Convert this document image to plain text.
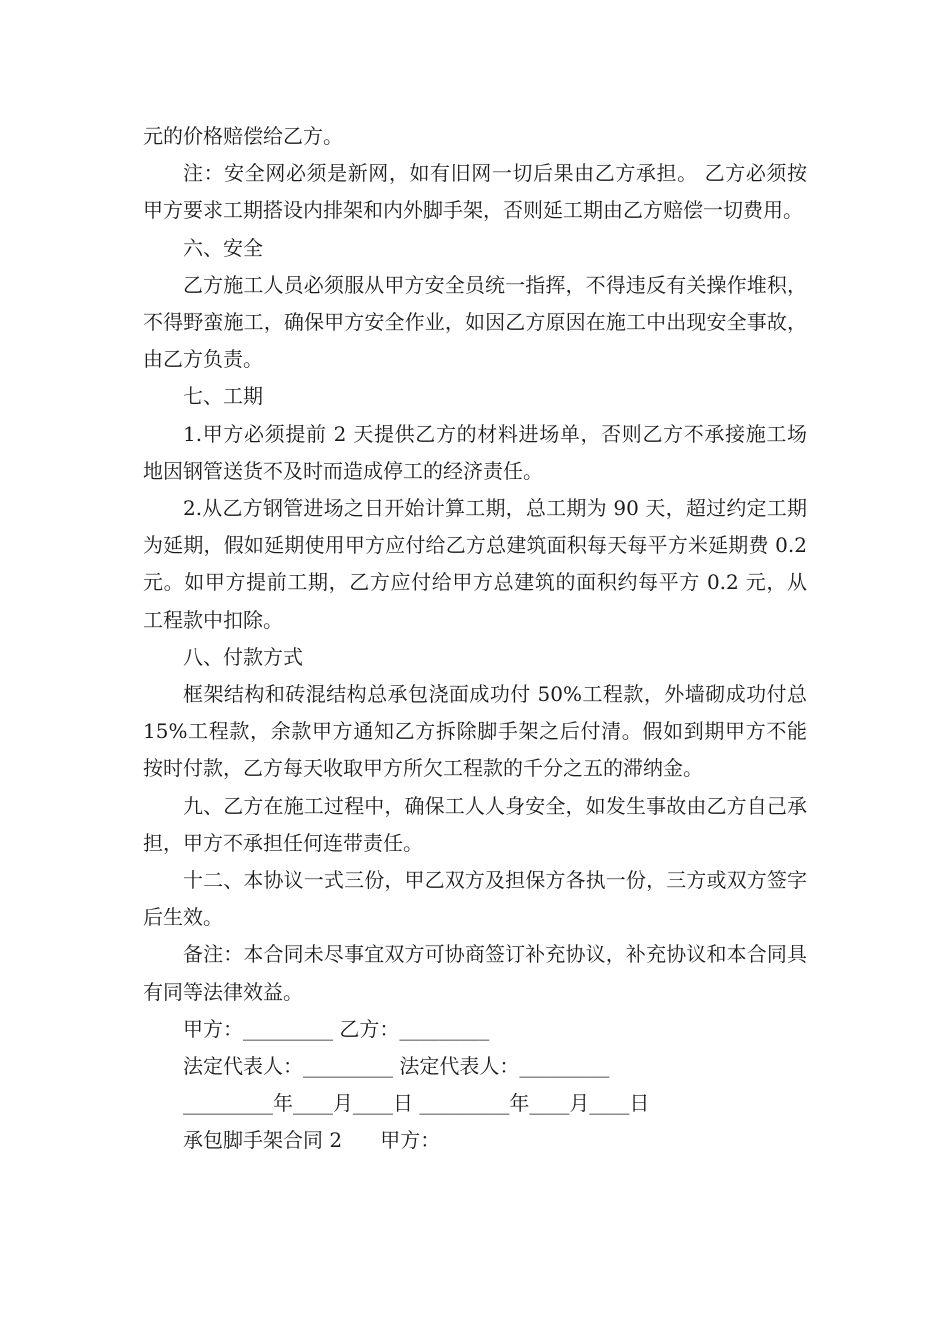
元的价格赔偿给乙方。

注：安全网必须是新网，如有旧网一切后果由乙方承担。 乙方必须按甲方要求工期搭设内排架和内外脚手架，否则延工期由乙方赔偿一切费用。

六、安全

乙方施工人员必须服从甲方安全员统一指挥，不得违反有关操作堆积，不得野蛮施工，确保甲方安全作业，如因乙方原因在施工中出现安全事故，由乙方负责。

七、工期

1.甲方必须提前 2 天提供乙方的材料进场单，否则乙方不承接施工场地因钢管送货不及时而造成停工的经济责任。

2.从乙方钢管进场之日开始计算工期，总工期为 90 天，超过约定工期为延期，假如延期使用甲方应付给乙方总建筑面积每天每平方米延期费 0.2 元。如甲方提前工期，乙方应付给甲方总建筑的面积约每平方 0.2 元，从工程款中扣除。

八、付款方式

框架结构和砖混结构总承包浇面成功付 50%工程款，外墙砌成功付总 15%工程款，余款甲方通知乙方拆除脚手架之后付清。假如到期甲方不能按时付款，乙方每天收取甲方所欠工程款的千分之五的滞纳金。

九、乙方在施工过程中，确保工人人身安全，如发生事故由乙方自己承担，甲方不承担任何连带责任。

十二、本协议一式三份，甲乙双方及担保方各执一份，三方或双方签字后生效。

备注：本合同未尽事宜双方可协商签订补充协议，补充协议和本合同具有同等法律效益。

甲方：_________ 乙方：_________

法定代表人：_________ 法定代表人：_________

_________年____月____日 _________年____月____日

承包脚手架合同 2      甲方：
